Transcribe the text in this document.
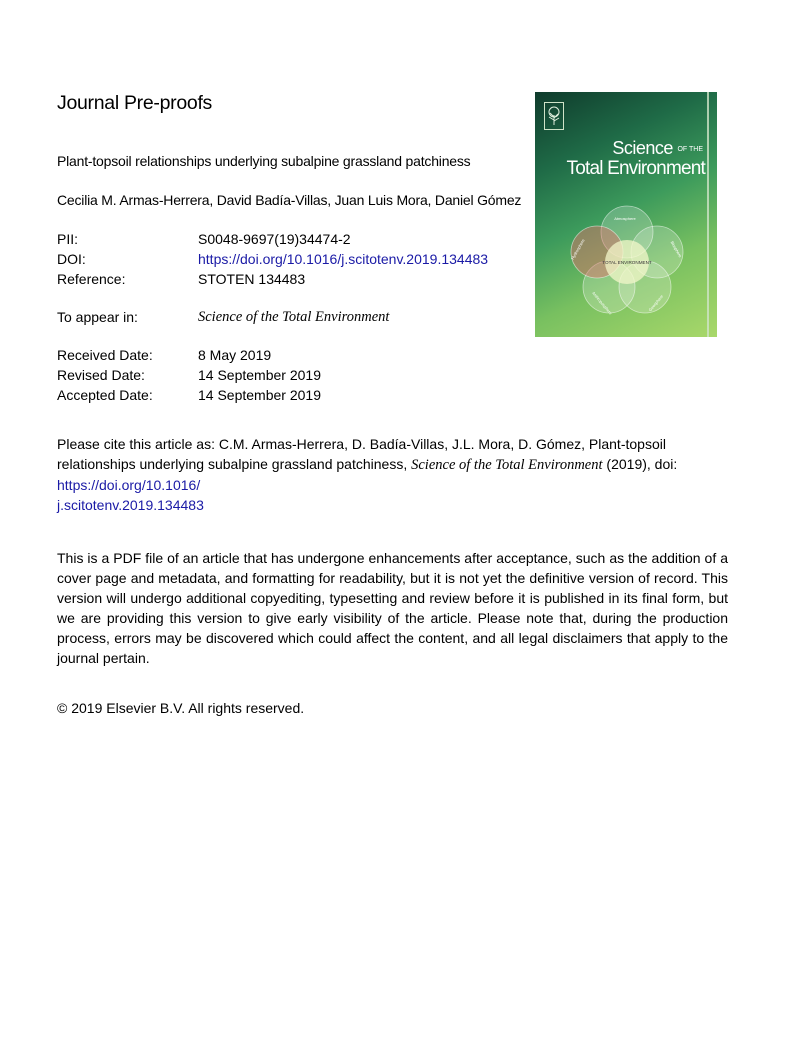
Journal Pre-proofs
Plant-topsoil relationships underlying subalpine grassland patchiness
Cecilia M. Armas-Herrera, David Badía-Villas, Juan Luis Mora, Daniel Gómez
PII:	S0048-9697(19)34474-2
DOI:	https://doi.org/10.1016/j.scitotenv.2019.134483
Reference:	STOTEN 134483
To appear in:	Science of the Total Environment
Received Date:	8 May 2019
Revised Date:	14 September 2019
Accepted Date:	14 September 2019
Please cite this article as: C.M. Armas-Herrera, D. Badía-Villas, J.L. Mora, D. Gómez, Plant-topsoil relationships underlying subalpine grassland patchiness, Science of the Total Environment (2019), doi: https://doi.org/10.1016/
j.scitotenv.2019.134483
This is a PDF file of an article that has undergone enhancements after acceptance, such as the addition of a cover page and metadata, and formatting for readability, but it is not yet the definitive version of record. This version will undergo additional copyediting, typesetting and review before it is published in its final form, but we are providing this version to give early visibility of the article. Please note that, during the production process, errors may be discovered which could affect the content, and all legal disclaimers that apply to the journal pertain.
© 2019 Elsevier B.V. All rights reserved.
Science OF THE
Total Environment
TOTAL ENVIRONMENT
Atmosphere
Biosphere
Geosphere
Anthroposphere
Hydrosphere
